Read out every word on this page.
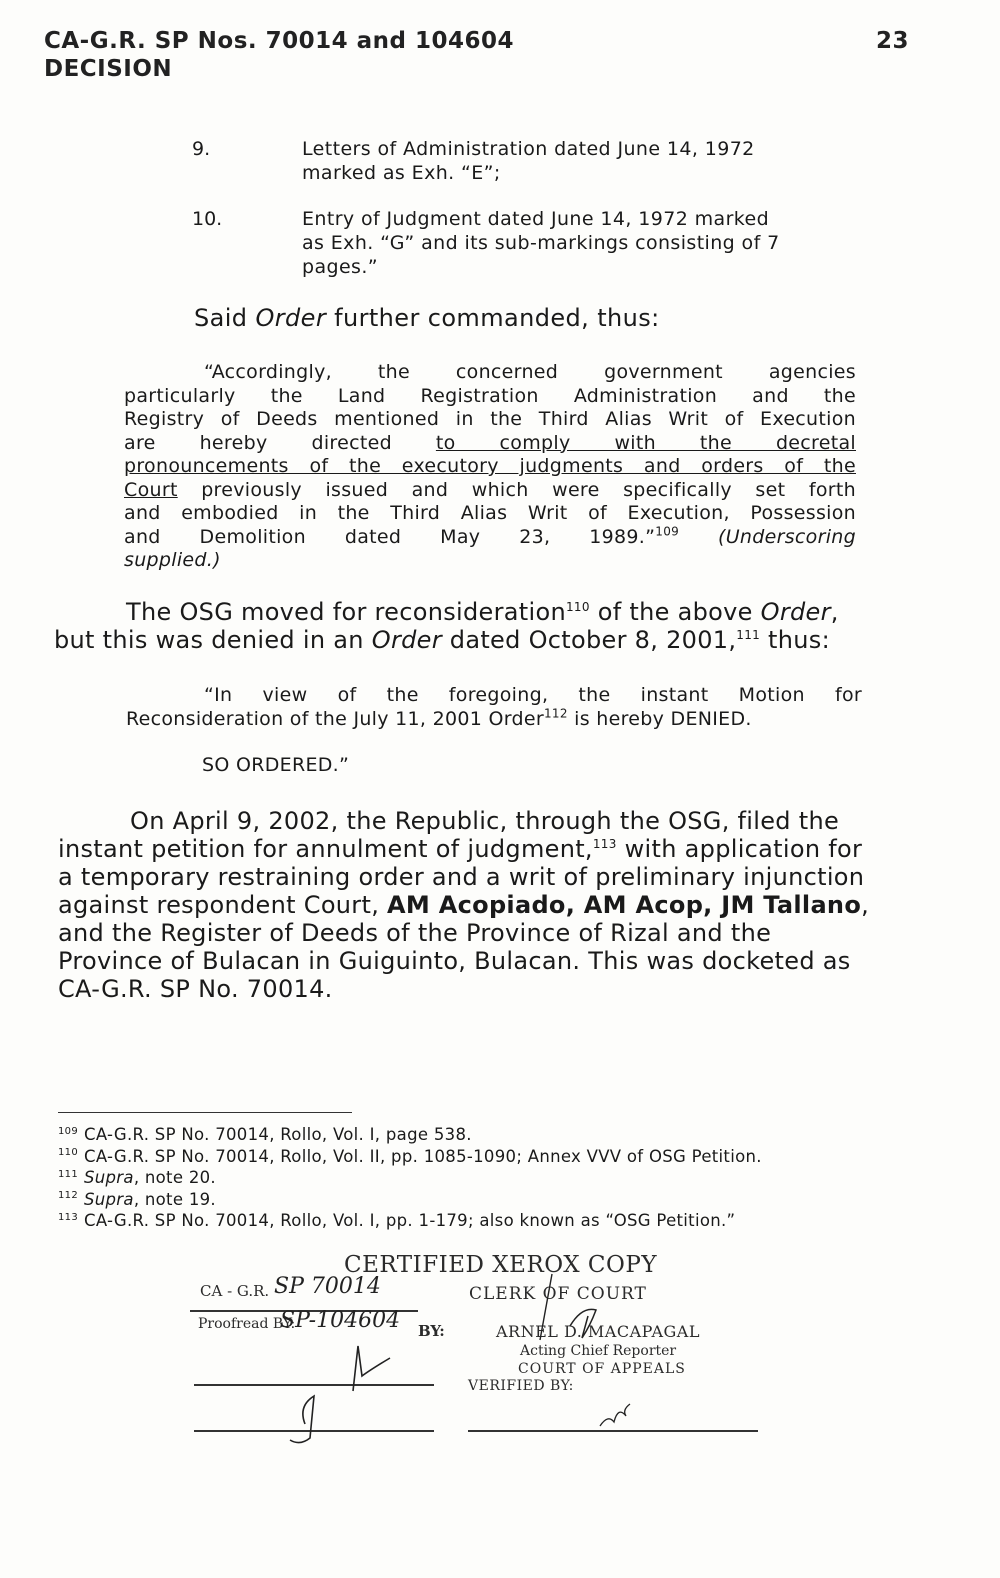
CA-G.R. SP Nos. 70014 and 104604
DECISION
23
9.	Letters of Administration dated June 14, 1972
marked as Exh. “E”;
10.	Entry of Judgment dated June 14, 1972 marked
as Exh. “G” and its sub-markings consisting of 7
pages.”
Said Order further commanded, thus:
“Accordingly, the concerned government agencies
particularly the Land Registration Administration and the
Registry of Deeds mentioned in the Third Alias Writ of Execution
are hereby directed to comply with the decretal
pronouncements of the executory judgments and orders of the
Court previously issued and which were specifically set forth
and embodied in the Third Alias Writ of Execution, Possession
and Demolition dated May 23, 1989.”$^{109}$ (Underscoring
supplied.)
The OSG moved for reconsideration$^{110}$ of the above Order,
but this was denied in an Order dated October 8, 2001,$^{111}$ thus:
“In view of the foregoing, the instant Motion for
Reconsideration of the July 11, 2001 Order$^{112}$ is hereby DENIED.
SO ORDERED.”
On April 9, 2002, the Republic, through the OSG, filed the
instant petition for annulment of judgment,$^{113}$ with application for
a temporary restraining order and a writ of preliminary injunction
against respondent Court, AM Acopiado, AM Acop, JM Tallano,
and the Register of Deeds of the Province of Rizal and the
Province of Bulacan in Guiguinto, Bulacan. This was docketed as
CA-G.R. SP No. 70014.
$^{109}$ CA-G.R. SP No. 70014, Rollo, Vol. I, page 538.
$^{110}$ CA-G.R. SP No. 70014, Rollo, Vol. II, pp. 1085-1090; Annex VVV of OSG Petition.
$^{111}$ Supra, note 20.
$^{112}$ Supra, note 19.
$^{113}$ CA-G.R. SP No. 70014, Rollo, Vol. I, pp. 1-179; also known as “OSG Petition.”
CERTIFIED XEROX COPY
CA - G.R. SP 70014	CLERK OF COURT
Proofread BY:
SP-104604 BY:	ARNEL D. MACAPAGAL
Acting Chief Reporter
COURT OF APPEALS
VERIFIED BY:
